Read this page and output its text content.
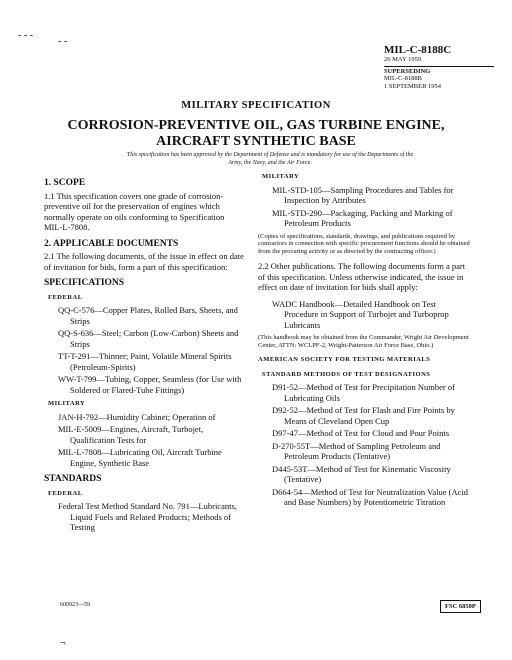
MIL-C-8188C
26 MAY 1959
SUPERSEDING
MIL-C-8188B
1 SEPTEMBER 1954
- - -
- -
¬
MILITARY SPECIFICATION
CORROSION-PREVENTIVE OIL, GAS TURBINE ENGINE,
AIRCRAFT SYNTHETIC BASE
This specification has been approved by the Department of Defense and is mandatory for use of the Departments of the Army, the Navy, and the Air Force.
1. SCOPE

1.1 This specification covers one grade of corrosion-preventive oil for the preservation of engines which normally operate on oils conforming to Specification MIL-L-7808.

2. APPLICABLE DOCUMENTS

2.1 The following documents, of the issue in effect on date of invitation for bids, form a part of this specification:

SPECIFICATIONS
FEDERAL
QQ-C-576—Copper Plates, Rolled Bars, Sheets, and Strips
QQ-S-636—Steel; Carbon (Low-Carbon) Sheets and Strips
TT-T-291—Thinner; Paint, Volatile Mineral Spirits (Petroleum-Spirits)
WW-T-799—Tubing, Copper, Seamless (for Use with Soldered or Flared-Tube Fittings)
MILITARY
JAN-H-792—Humidity Cabinet; Operation of
MIL-E-5009—Engines, Aircraft, Turbojet, Qualification Tests for
MIL-L-7808—Lubricating Oil, Aircraft Turbine Engine, Synthetic Base
STANDARDS
FEDERAL
Federal Test Method Standard No. 791—Lubricants, Liquid Fuels and Related Products; Methods of Testing
MILITARY
MIL-STD-105—Sampling Procedures and Tables for Inspection by Attributes
MIL-STD-290—Packaging, Packing and Marking of Petroleum Products

(Copies of specifications, standards, drawings, and publications required by contractors in connection with specific procurement functions should be obtained from the procuring activity or as directed by the contracting officer.)

2.2 Other publications. The following documents form a part of this specification. Unless otherwise indicated, the issue in effect on date of invitation for bids shall apply:

WADC Handbook—Detailed Handbook on Test Procedure in Support of Turbojet and Turboprop Lubricants

(This handbook may be obtained from the Commander, Wright Air Development Center, ATTN: WCLPF-2, Wright-Patterson Air Force Base, Ohio.)

AMERICAN SOCIETY FOR TESTING MATERIALS
STANDARD METHODS OF TEST DESIGNATIONS
D91-52—Method of Test for Precipitation Number of Lubricating Oils
D92-52—Method of Test for Flash and Fire Points by Means of Cleveland Open Cup
D97-47—Method of Test for Cloud and Pour Points
D-270-55T—Method of Sampling Petroleum and Petroleum Products (Tentative)
D445-53T—Method of Test for Kinematic Viscosity (Tentative)
D664-54—Method of Test for Neutralization Value (Acid and Base Numbers) by Potentiometric Titration
600923—59	FSC 6850P
